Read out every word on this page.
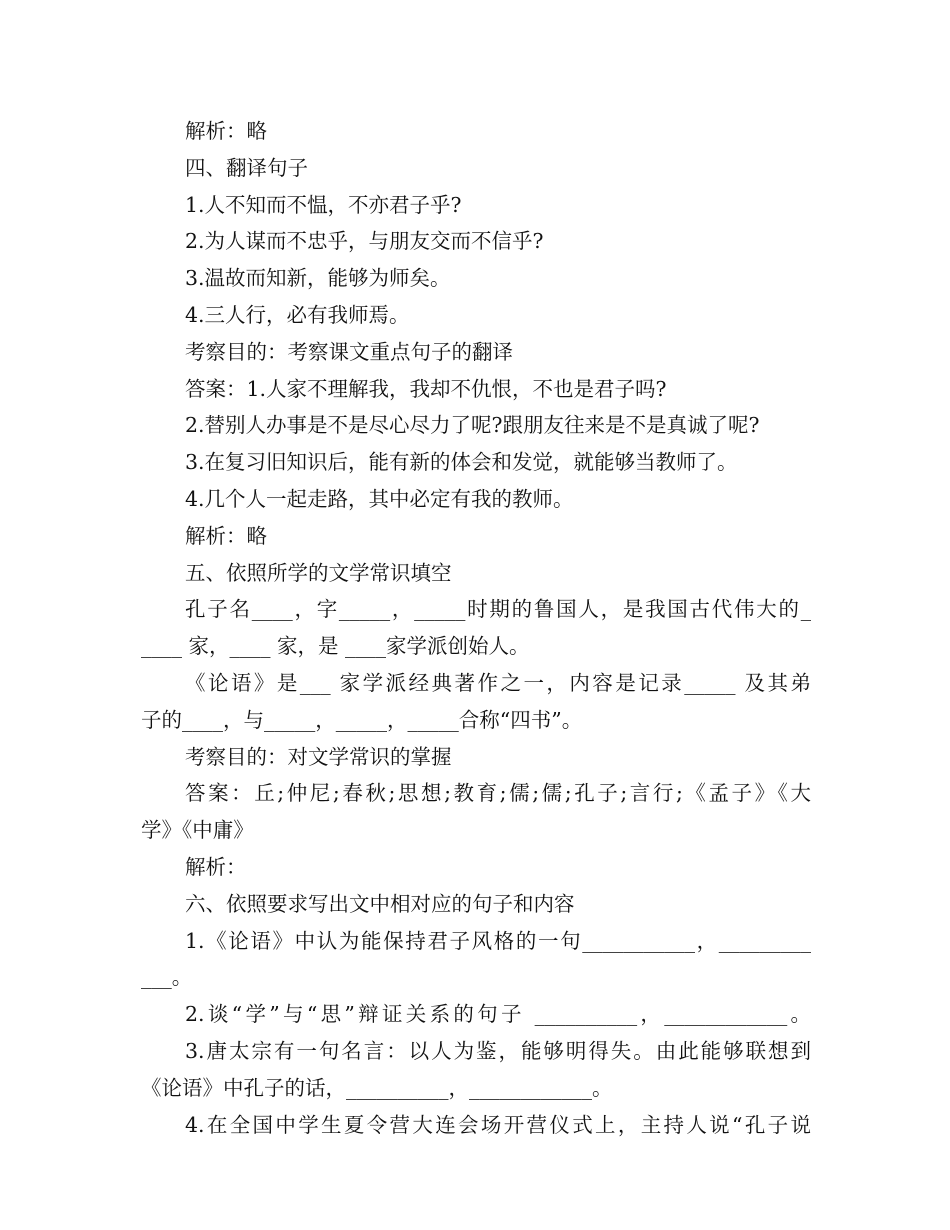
解析：略
四、翻译句子
1.人不知而不愠，不亦君子乎?
2.为人谋而不忠乎，与朋友交而不信乎?
3.温故而知新，能够为师矣。
4.三人行，必有我师焉。
考察目的：考察课文重点句子的翻译
答案：1.人家不理解我，我却不仇恨，不也是君子吗?
2.替别人办事是不是尽心尽力了呢?跟朋友往来是不是真诚了呢?
3.在复习旧知识后，能有新的体会和发觉，就能够当教师了。
4.几个人一起走路，其中必定有我的教师。
解析：略
五、依照所学的文学常识填空
孔子名____，字_____，_____时期的鲁国人，是我国古代伟大的_
____ 家，____ 家，是 ____家学派创始人。
《论语》是___ 家学派经典著作之一，内容是记录_____ 及其弟
子的____，与_____，_____，_____合称“四书”。
考察目的：对文学常识的掌握
答案：丘;仲尼;春秋;思想;教育;儒;儒;孔子;言行;《孟子》《大
学》《中庸》
解析：
六、依照要求写出文中相对应的句子和内容
1.《论语》中认为能保持君子风格的一句___________，_________
___。
2.谈“学”与“思”辩证关系的句子 __________，____________。
3.唐太宗有一句名言：以人为鉴，能够明得失。由此能够联想到
《论语》中孔子的话，__________，____________。
4.在全国中学生夏令营大连会场开营仪式上，主持人说“孔子说
